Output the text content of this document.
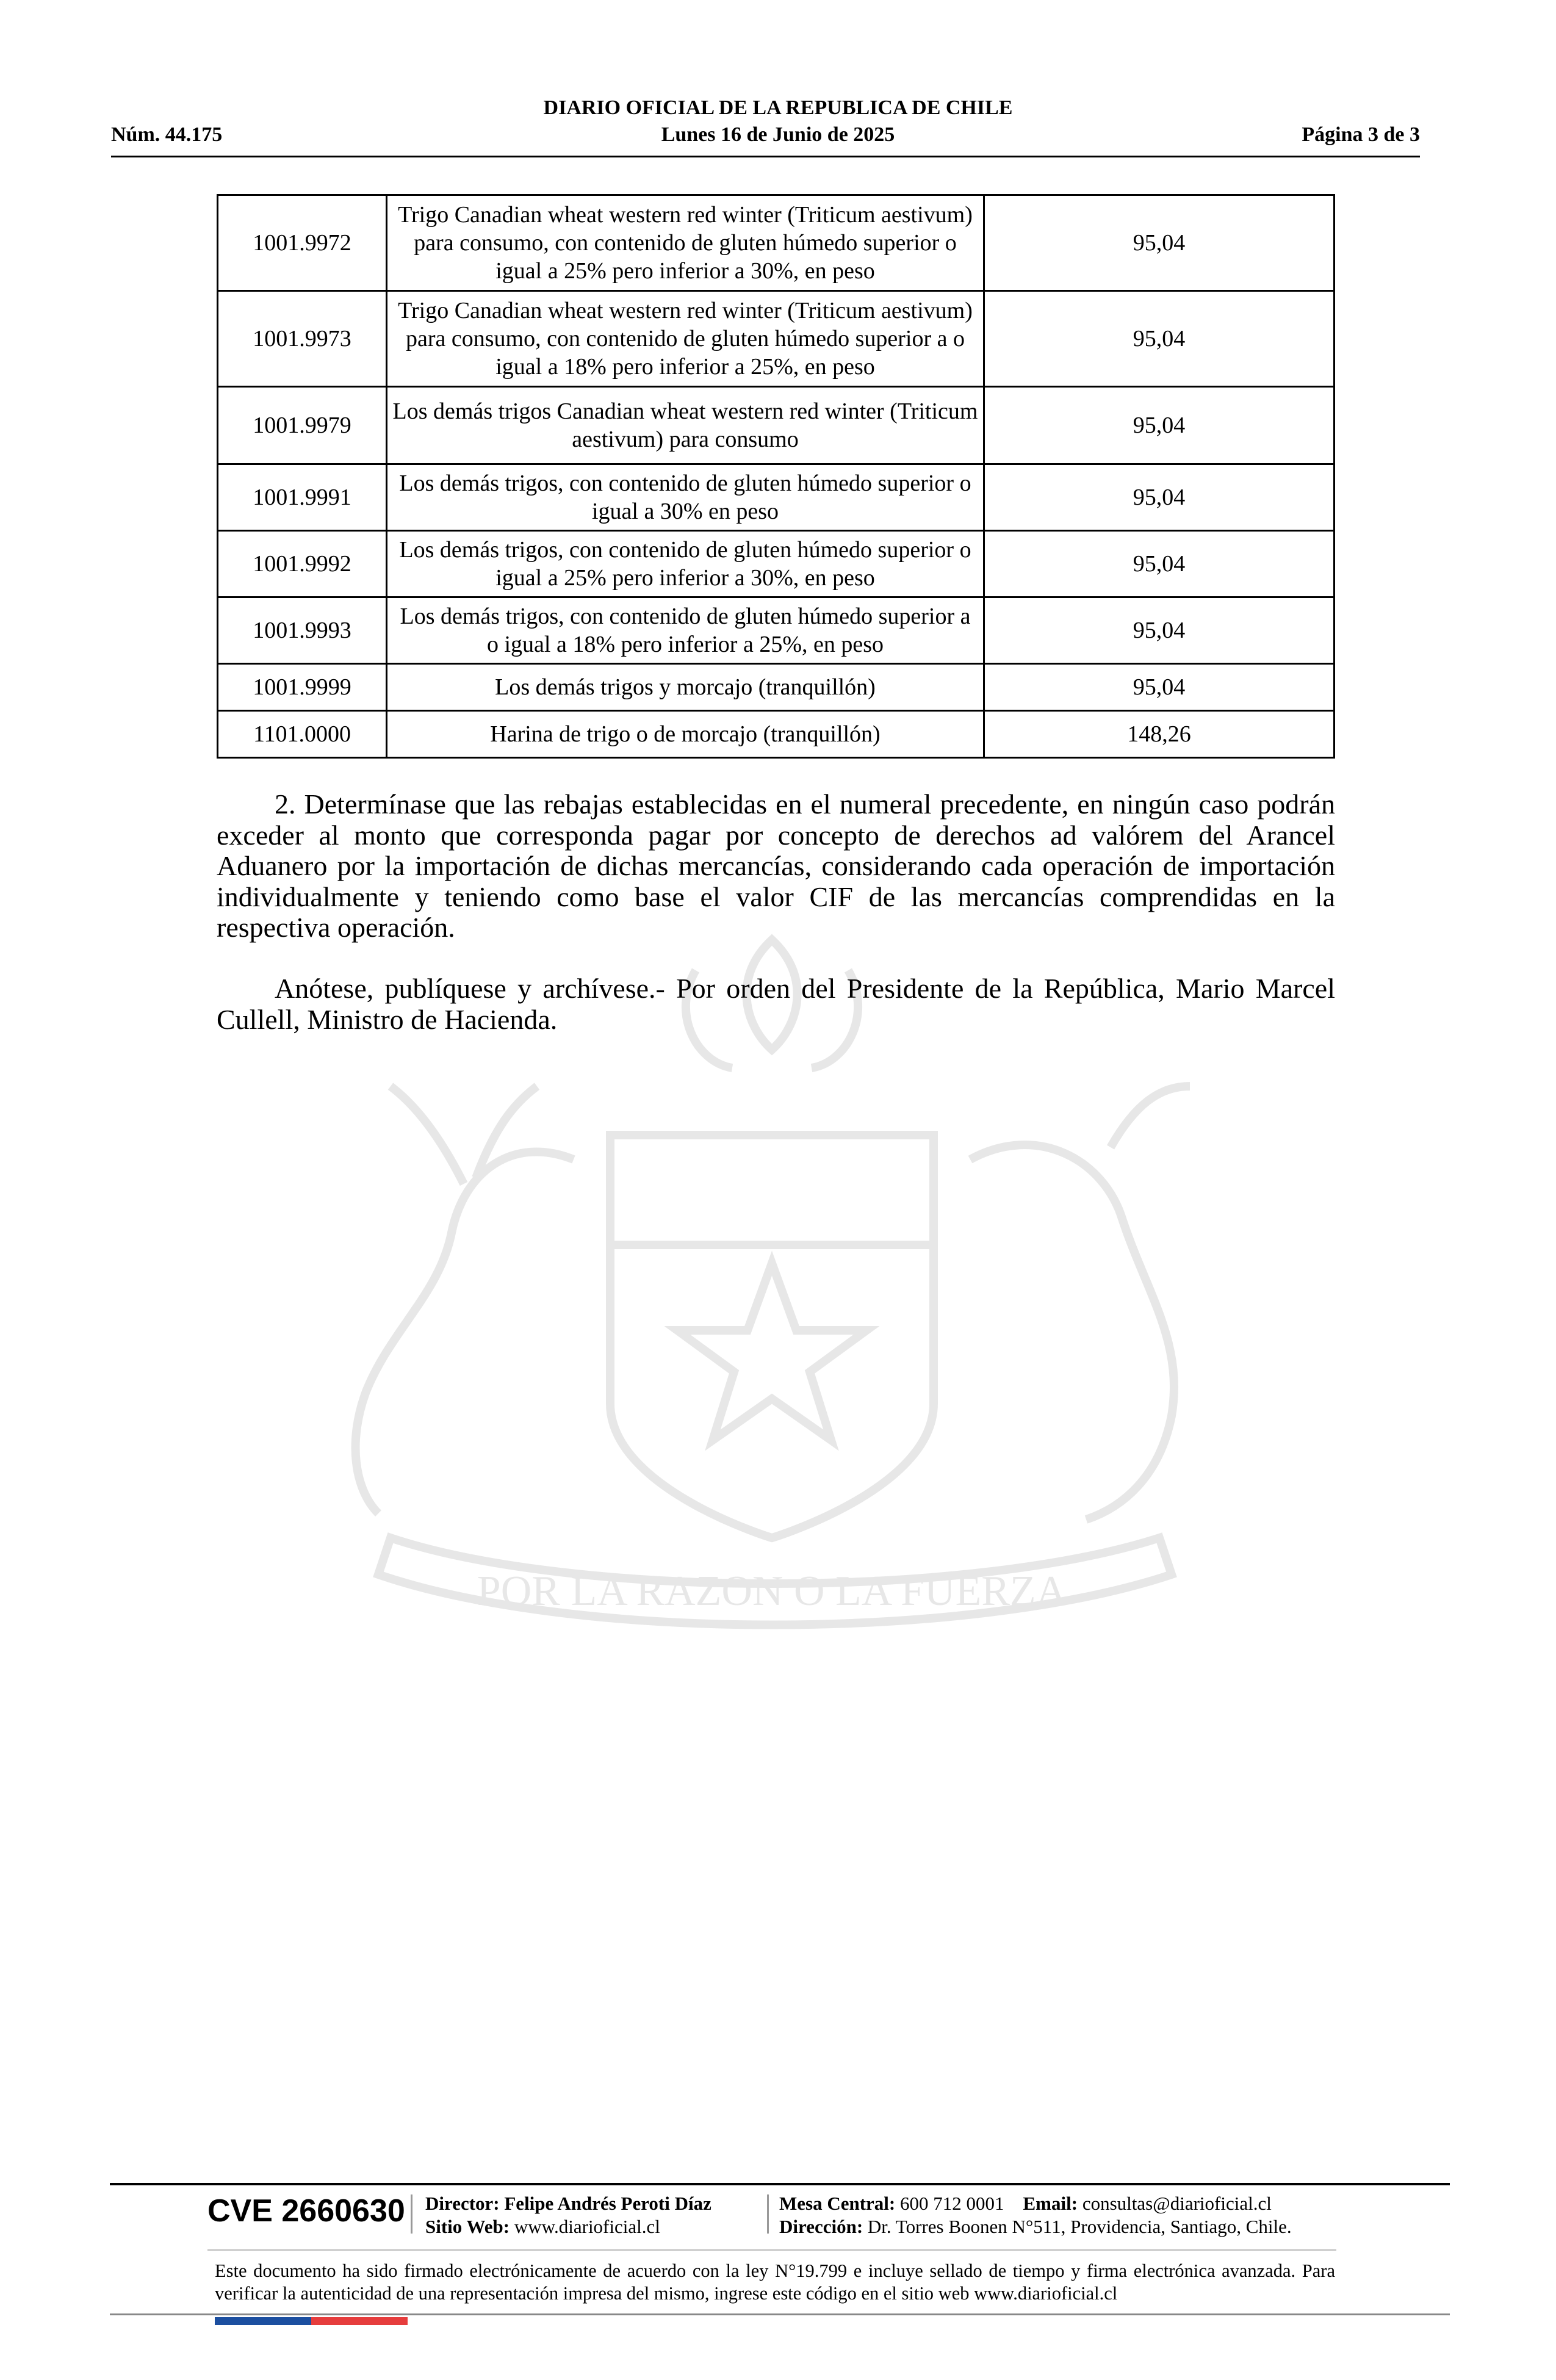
DIARIO OFICIAL DE LA REPUBLICA DE CHILE
Núm. 44.175	Lunes 16 de Junio de 2025	Página 3 de 3
POR LA RAZON O LA FUERZA
1001.9972	Trigo Canadian wheat western red winter (Triticum aestivum) para consumo, con contenido de gluten húmedo superior o igual a 25% pero inferior a 30%, en peso	95,04
1001.9973	Trigo Canadian wheat western red winter (Triticum aestivum) para consumo, con contenido de gluten húmedo superior a o igual a 18% pero inferior a 25%, en peso	95,04
1001.9979	Los demás trigos Canadian wheat western red winter (Triticum aestivum) para consumo	95,04
1001.9991	Los demás trigos, con contenido de gluten húmedo superior o igual a 30% en peso	95,04
1001.9992	Los demás trigos, con contenido de gluten húmedo superior o igual a 25% pero inferior a 30%, en peso	95,04
1001.9993	Los demás trigos, con contenido de gluten húmedo superior a o igual a 18% pero inferior a 25%, en peso	95,04
1001.9999	Los demás trigos y morcajo (tranquillón)	95,04
1101.0000	Harina de trigo o de morcajo (tranquillón)	148,26
2. Determínase que las rebajas establecidas en el numeral precedente, en ningún caso podrán exceder al monto que corresponda pagar por concepto de derechos ad valórem del Arancel Aduanero por la importación de dichas mercancías, considerando cada operación de importación individualmente y teniendo como base el valor CIF de las mercancías comprendidas en la respectiva operación.
Anótese, publíquese y archívese.- Por orden del Presidente de la República, Mario Marcel Cullell, Ministro de Hacienda.
CVE 2660630 Director: Felipe Andrés Peroti Díaz
Sitio Web: www.diarioficial.cl
Mesa Central: 600 712 0001 Email: consultas@diarioficial.cl
Dirección: Dr. Torres Boonen N°511, Providencia, Santiago, Chile.
Este documento ha sido firmado electrónicamente de acuerdo con la ley N°19.799 e incluye sellado de tiempo y firma electrónica avanzada. Para verificar la autenticidad de una representación impresa del mismo, ingrese este código en el sitio web www.diarioficial.cl
